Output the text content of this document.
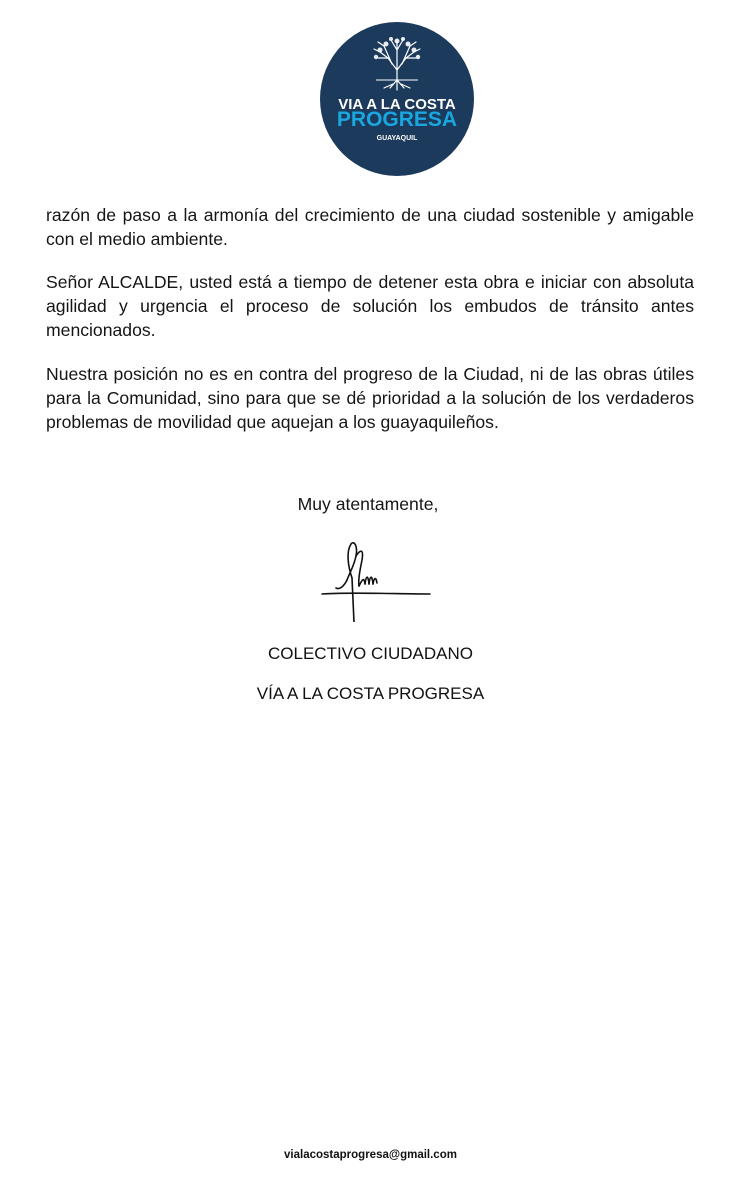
VIA A LA COSTA
PROGRESA
GUAYAQUIL

razón de paso a la armonía del crecimiento de una ciudad sostenible y amigable con el medio ambiente.

Señor ALCALDE, usted está a tiempo de detener esta obra e iniciar con absoluta agilidad y urgencia el proceso de solución los embudos de tránsito antes mencionados.

Nuestra posición no es en contra del progreso de la Ciudad, ni de las obras útiles para la Comunidad, sino para que se dé prioridad a la solución de los verdaderos problemas de movilidad que aquejan a los guayaquileños.

Muy atentamente,
COLECTIVO CIUDADANO
VÍA A LA COSTA PROGRESA
vialacostaprogresa@gmail.com
